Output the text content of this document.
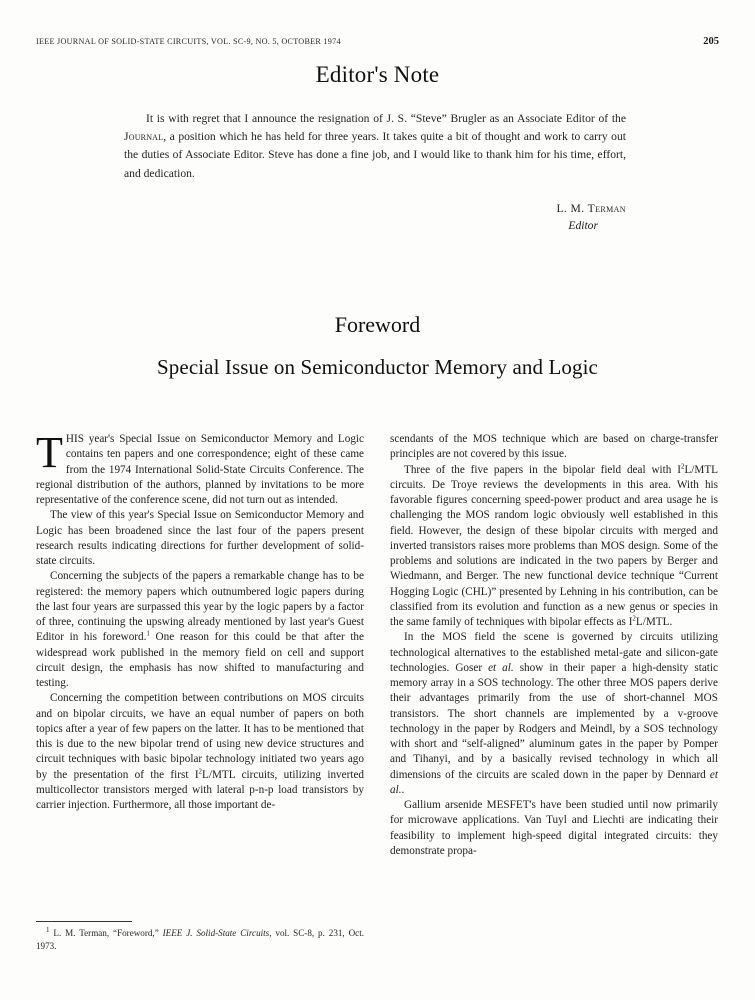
IEEE JOURNAL OF SOLID-STATE CIRCUITS, VOL. SC-9, NO. 5, OCTOBER 1974	205
Editor's Note
It is with regret that I announce the resignation of J. S. “Steve” Brugler as an Associate Editor of the Journal, a position which he has held for three years. It takes quite a bit of thought and work to carry out the duties of Associate Editor. Steve has done a fine job, and I would like to thank him for his time, effort, and dedication.
L. M. Terman
Editor
Foreword
Special Issue on Semiconductor Memory and Logic

THIS year's Special Issue on Semiconductor Memory and Logic contains ten papers and one correspondence; eight of these came from the 1974 International Solid-State Circuits Conference. The regional distribution of the authors, planned by invitations to be more representative of the conference scene, did not turn out as intended.

The view of this year's Special Issue on Semiconductor Memory and Logic has been broadened since the last four of the papers present research results indicating directions for further development of solid-state circuits.

Concerning the subjects of the papers a remarkable change has to be registered: the memory papers which outnumbered logic papers during the last four years are surpassed this year by the logic papers by a factor of three, continuing the upswing already mentioned by last year's Guest Editor in his foreword.$^1$ One reason for this could be that after the widespread work published in the memory field on cell and support circuit design, the emphasis has now shifted to manufacturing and testing.

Concerning the competition between contributions on MOS circuits and on bipolar circuits, we have an equal number of papers on both topics after a year of few papers on the latter. It has to be mentioned that this is due to the new bipolar trend of using new device structures and circuit techniques with basic bipolar technology initiated two years ago by the presentation of the first $I^2L$/MTL circuits, utilizing inverted multicollector transistors merged with lateral p-n-p load transistors by carrier injection. Furthermore, all those important de-

$^1$ L. M. Terman, “Foreword,” IEEE J. Solid-State Circuits, vol. SC-8, p. 231, Oct. 1973.

scendants of the MOS technique which are based on charge-transfer principles are not covered by this issue.

Three of the five papers in the bipolar field deal with $I^2L$/MTL circuits. De Troye reviews the developments in this area. With his favorable figures concerning speed-power product and area usage he is challenging the MOS random logic obviously well established in this field. However, the design of these bipolar circuits with merged and inverted transistors raises more problems than MOS design. Some of the problems and solutions are indicated in the two papers by Berger and Wiedmann, and Berger. The new functional device technique “Current Hogging Logic (CHL)” presented by Lehning in his contribution, can be classified from its evolution and function as a new genus or species in the same family of techniques with bipolar effects as $I^2L$/MTL.

In the MOS field the scene is governed by circuits utilizing technological alternatives to the established metal-gate and silicon-gate technologies. Goser et al. show in their paper a high-density static memory array in a SOS technology. The other three MOS papers derive their advantages primarily from the use of short-channel MOS transistors. The short channels are implemented by a v-groove technology in the paper by Rodgers and Meindl, by a SOS technology with short and “self-aligned” aluminum gates in the paper by Pomper and Tihanyi, and by a basically revised technology in which all dimensions of the circuits are scaled down in the paper by Dennard et al..

Gallium arsenide MESFET's have been studied until now primarily for microwave applications. Van Tuyl and Liechti are indicating their feasibility to implement high-speed digital integrated circuits: they demonstrate propa-
